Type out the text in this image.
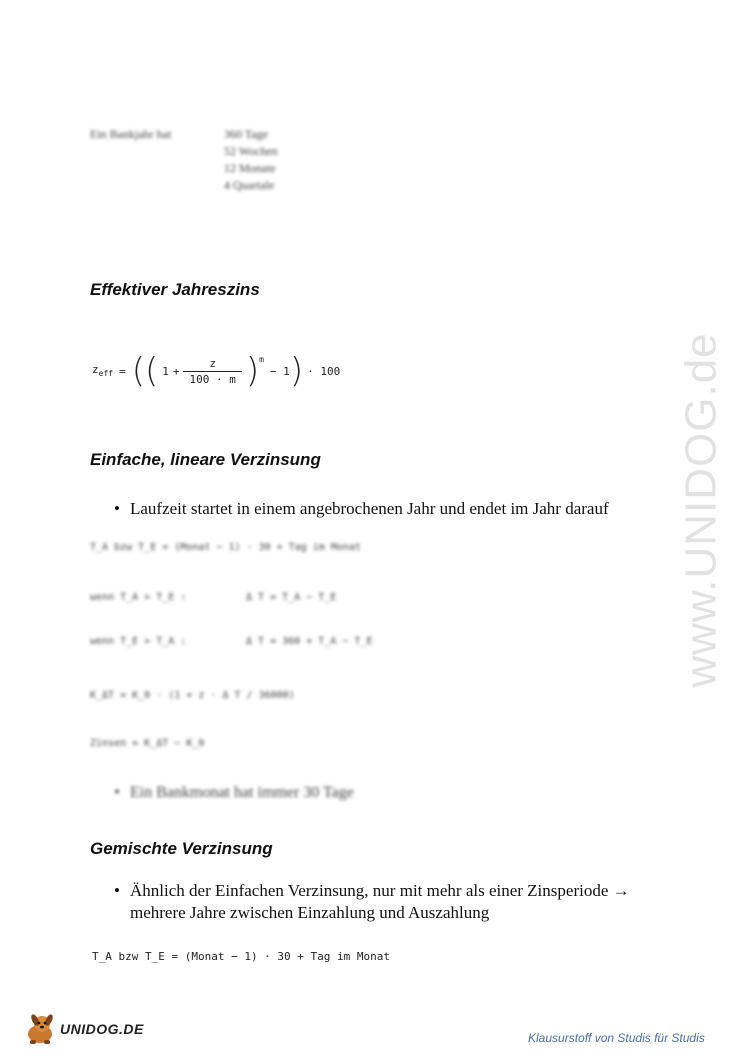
Ein Bankjahr hat	360 Tage
52 Wochen
12 Monate
4 Quartale
Effektiver Jahreszins
$z_{eff}$ = ( ( $1 + \frac{z}{100 \cdot m} )^m$
− 1 ) · 100
Einfache, lineare Verzinsung
• Laufzeit startet in einem angebrochenen Jahr und endet im Jahr darauf
T_A bzw T_E = (Monat − 1) · 30 + Tag im Monat
wenn T_A > T_E :	Δ T = T_A − T_E
wenn T_E > T_A :	Δ T = 360 + T_A − T_E
K_ΔT = K_0 · (1 + z · Δ T / 36000)
Zinsen = K_ΔT − K_0
• Ein Bankmonat hat immer 30 Tage
Gemischte Verzinsung
• Ähnlich der Einfachen Verzinsung, nur mit mehr als einer Zinsperiode →
mehrere Jahre zwischen Einzahlung und Auszahlung
T_A bzw T_E = (Monat − 1) · 30 + Tag im Monat
www.UNIDOG.de
UNIDOG.DE
Klausurstoff von Studis für Studis
